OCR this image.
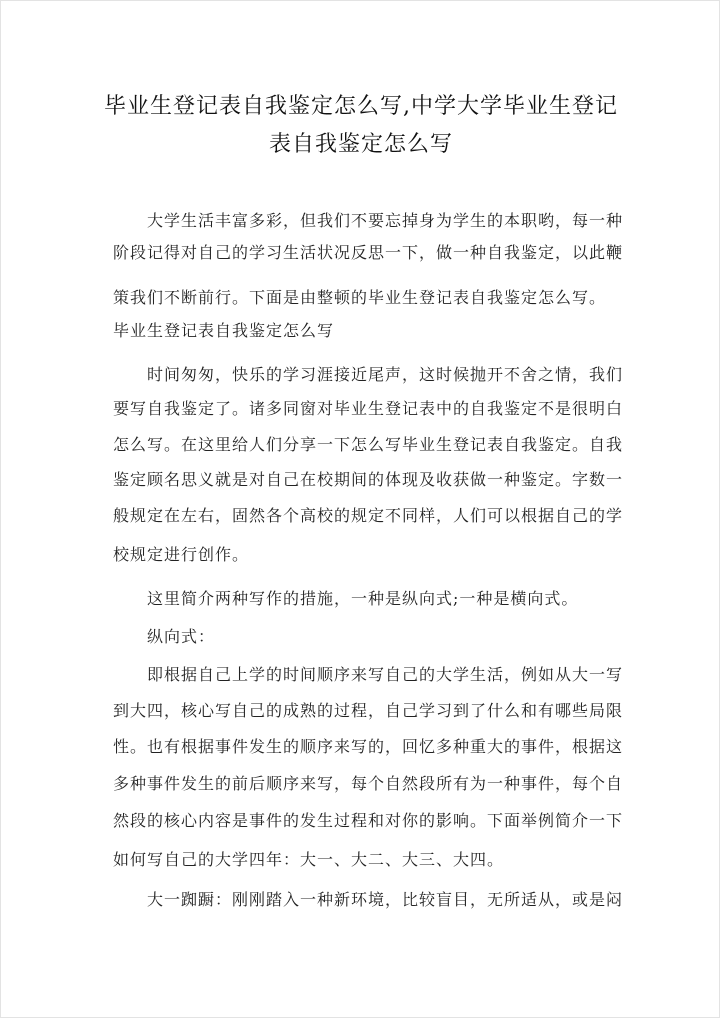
毕业生登记表自我鉴定怎么写,中学大学毕业生登记
表自我鉴定怎么写
大学生活丰富多彩，但我们不要忘掉身为学生的本职哟，每一种
阶段记得对自己的学习生活状况反思一下，做一种自我鉴定，以此鞭
策我们不断前行。下面是由整顿的毕业生登记表自我鉴定怎么写。
毕业生登记表自我鉴定怎么写
时间匆匆，快乐的学习涯接近尾声，这时候抛开不舍之情，我们
要写自我鉴定了。诸多同窗对毕业生登记表中的自我鉴定不是很明白
怎么写。在这里给人们分享一下怎么写毕业生登记表自我鉴定。自我
鉴定顾名思义就是对自己在校期间的体现及收获做一种鉴定。字数一
般规定在左右，固然各个高校的规定不同样，人们可以根据自己的学
校规定进行创作。
这里简介两种写作的措施，一种是纵向式;一种是横向式。
纵向式：
即根据自己上学的时间顺序来写自己的大学生活，例如从大一写
到大四，核心写自己的成熟的过程，自己学习到了什么和有哪些局限
性。也有根据事件发生的顺序来写的，回忆多种重大的事件，根据这
多种事件发生的前后顺序来写，每个自然段所有为一种事件，每个自
然段的核心内容是事件的发生过程和对你的影响。下面举例简介一下
如何写自己的大学四年：大一、大二、大三、大四。
大一踟蹰：刚刚踏入一种新环境，比较盲目，无所适从，或是闷
